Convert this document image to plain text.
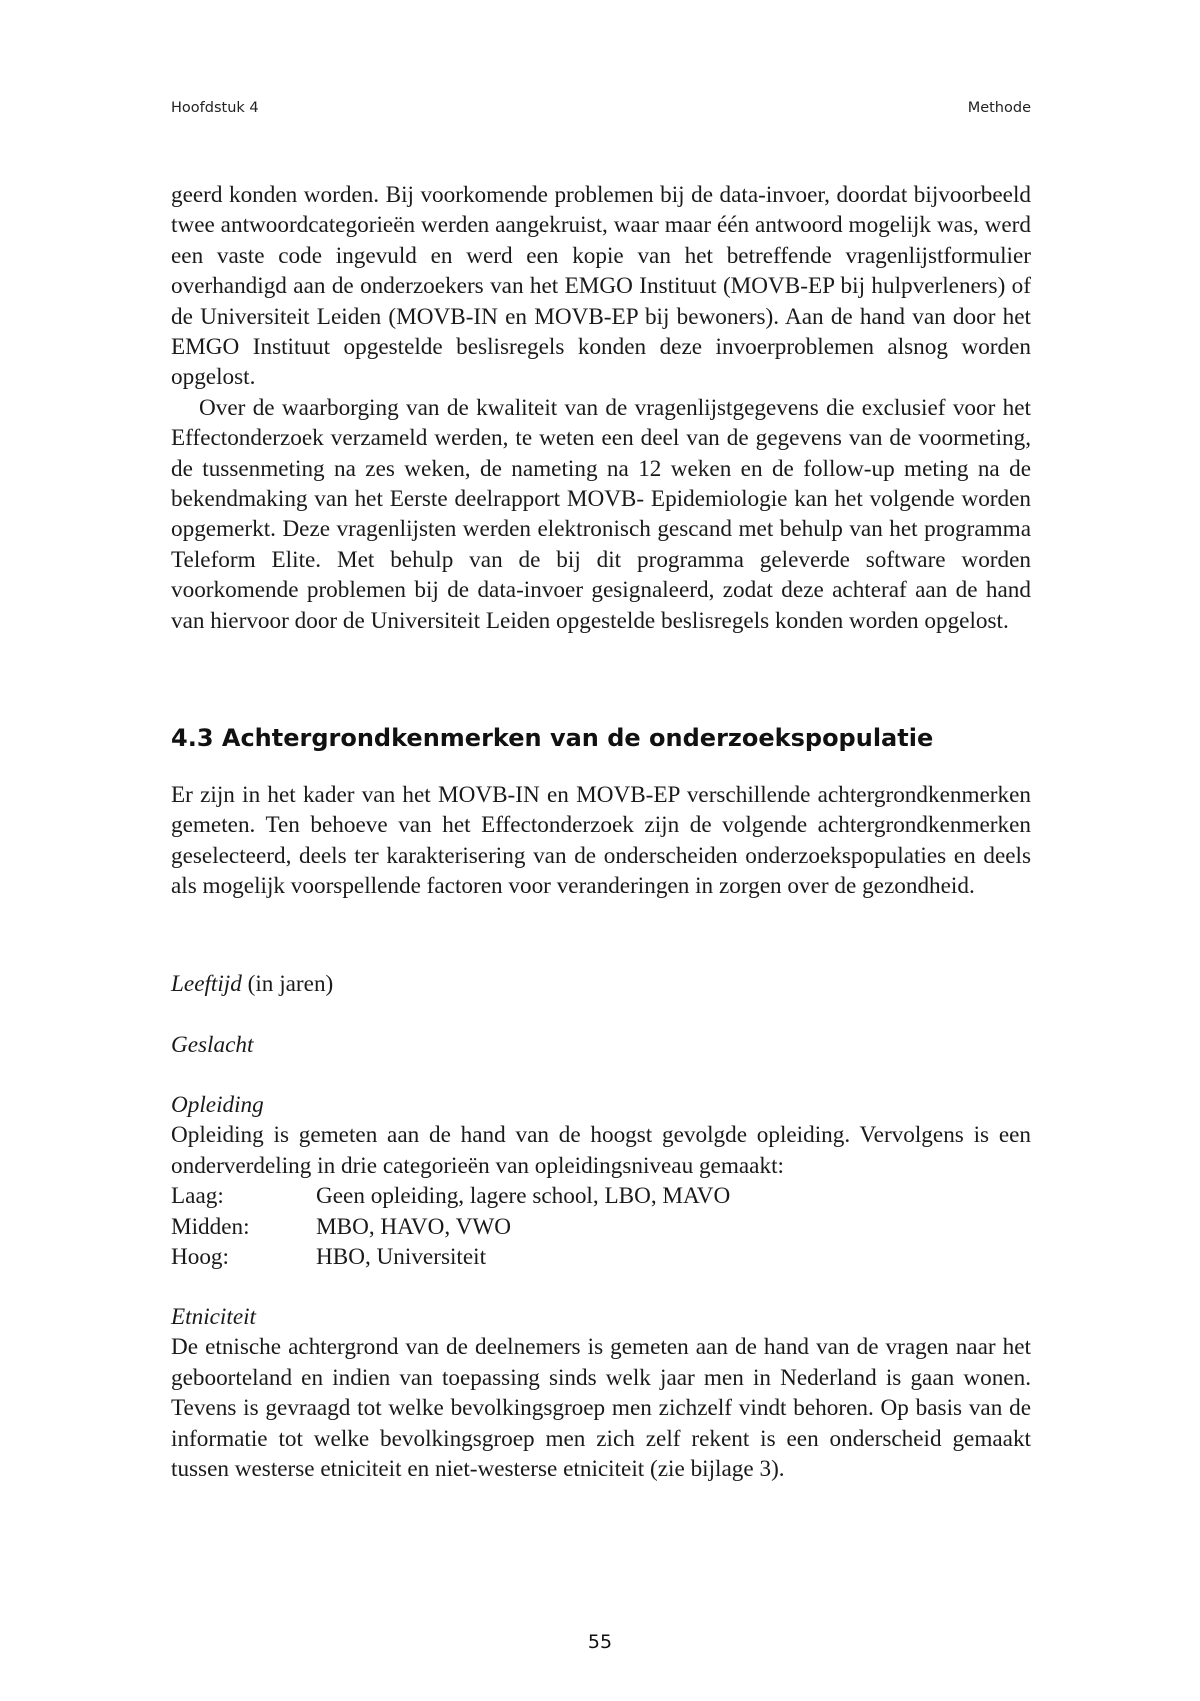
Hoofdstuk 4	Methode

geerd konden worden. Bij voorkomende problemen bij de data-invoer, doordat bijvoorbeeld twee antwoordcategorieën werden aangekruist, waar maar één antwoord mogelijk was, werd een vaste code ingevuld en werd een kopie van het betreffende vragenlijstformulier overhandigd aan de onderzoekers van het EMGO Instituut (MOVB-EP bij hulpverleners) of de Universiteit Leiden (MOVB-IN en MOVB-EP bij bewoners). Aan de hand van door het EMGO Instituut opgestelde beslisregels konden deze invoerproblemen alsnog worden opgelost.

Over de waarborging van de kwaliteit van de vragenlijstgegevens die exclusief voor het Effectonderzoek verzameld werden, te weten een deel van de gegevens van de voormeting, de tussenmeting na zes weken, de nameting na 12 weken en de follow-up meting na de bekendmaking van het Eerste deelrapport MOVB- Epidemiologie kan het volgende worden opgemerkt. Deze vragenlijsten werden elektronisch gescand met behulp van het programma Teleform Elite. Met behulp van de bij dit programma geleverde software worden voorkomende problemen bij de data-invoer gesignaleerd, zodat deze achteraf aan de hand van hiervoor door de Universiteit Leiden opgestelde beslisregels konden worden opgelost.

4.3 Achtergrondkenmerken van de onderzoekspopulatie

Er zijn in het kader van het MOVB-IN en MOVB-EP verschillende achtergrondkenmerken gemeten. Ten behoeve van het Effectonderzoek zijn de volgende achtergrondkenmerken geselecteerd, deels ter karakterisering van de onderscheiden onderzoekspopulaties en deels als mogelijk voorspellende factoren voor veranderingen in zorgen over de gezondheid.

Leeftijd (in jaren)

Geslacht

Opleiding

Opleiding is gemeten aan de hand van de hoogst gevolgde opleiding. Vervolgens is een onderverdeling in drie categorieën van opleidingsniveau gemaakt:

Laag:	Geen opleiding, lagere school, LBO, MAVO
Midden:	MBO, HAVO, VWO
Hoog:	HBO, Universiteit

Etniciteit

De etnische achtergrond van de deelnemers is gemeten aan de hand van de vragen naar het geboorteland en indien van toepassing sinds welk jaar men in Nederland is gaan wonen. Tevens is gevraagd tot welke bevolkingsgroep men zichzelf vindt behoren. Op basis van de informatie tot welke bevolkingsgroep men zich zelf rekent is een onderscheid gemaakt tussen westerse etniciteit en niet-westerse etniciteit (zie bijlage 3).

55
